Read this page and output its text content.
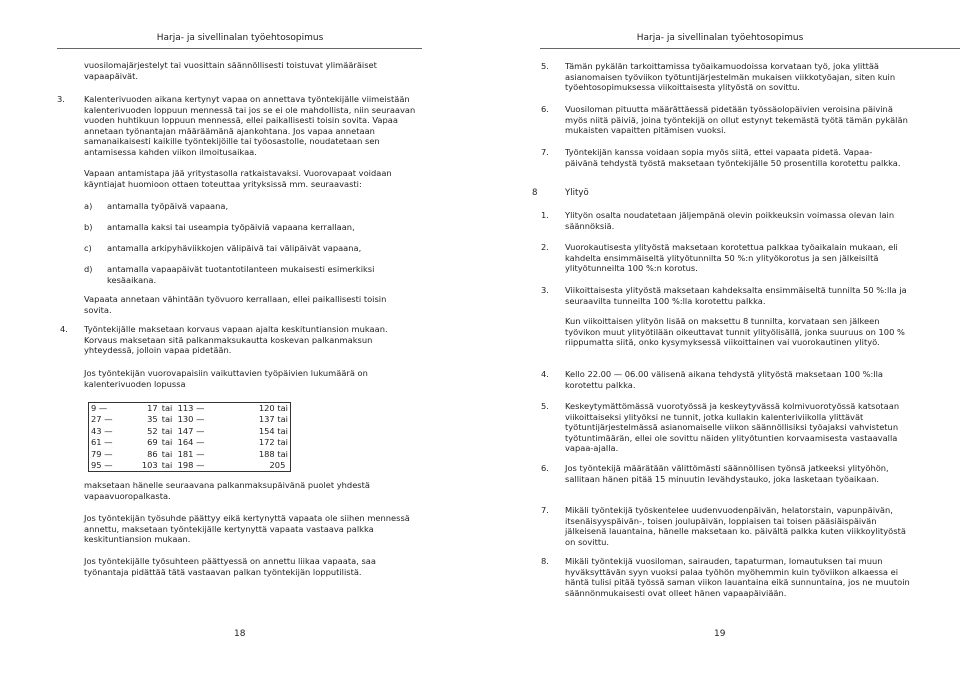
Harja- ja sivellinalan työehtosopimus

vuosilomajärjestelyt tai vuosittain säännöllisesti toistuvat ylimääräiset vapaapäivät.

3. Kalenterivuoden aikana kertynyt vapaa on annettava työntekijälle viimeistään kalenterivuoden loppuun mennessä tai jos se ei ole mahdollista, niin seuraavan vuoden huhtikuun loppuun mennessä, ellei paikallisesti toisin sovita. Vapaa annetaan työnantajan määräämänä ajankohtana. Jos vapaa annetaan samanaikaisesti kaikille työntekijöille tai työosastolle, noudatetaan sen antamisessa kahden viikon ilmoitusaikaa.

Vapaan antamistapa jää yritystasolla ratkaistavaksi. Vuorovapaat voidaan käyntiajat huomioon ottaen toteuttaa yrityksissä mm. seuraavasti:

a) antamalla työpäivä vapaana,
b) antamalla kaksi tai useampia työpäiviä vapaana kerrallaan,
c) antamalla arkipyhäviikkojen välipäivä tai välipäivät vapaana,
d) antamalla vapaapäivät tuotantotilanteen mukaisesti esimerkiksi kesäaikana.

Vapaata annetaan vähintään työvuoro kerrallaan, ellei paikallisesti toisin sovita.

4. Työntekijälle maksetaan korvaus vapaan ajalta keskituntiansion mukaan. Korvaus maksetaan sitä palkanmaksukautta koskevan palkanmaksun yhteydessä, jolloin vapaa pidetään.

Jos työntekijän vuorovapaisiin vaikuttavien työpäivien lukumäärä on kalenterivuoden lopussa

9 —	17	tai 113 —	120 tai
27 —	35	tai 130 —	137 tai
43 —	52	tai 147 —	154 tai
61 —	69	tai 164 —	172 tai
79 —	86	tai 181 —	188 tai
95 —	103	tai 198 —	205

maksetaan hänelle seuraavana palkanmaksupäivänä puolet yhdestä vapaavuoropalkasta.

Jos työntekijän työsuhde päättyy eikä kertynyttä vapaata ole siihen mennessä annettu, maksetaan työntekijälle kertynyttä vapaata vastaava palkka keskituntiansion mukaan.

Jos työntekijälle työsuhteen päättyessä on annettu liikaa vapaata, saa työnantaja pidättää tätä vastaavan palkan työntekijän lopputilistä.

18
Harja- ja sivellinalan työehtosopimus
5. Tämän pykälän tarkoittamissa työaikamuodoissa korvataan työ, joka ylittää asianomaisen työviikon työtuntijärjestelmän mukaisen viikkotyöajan, siten kuin työehtosopimuksessa viikoittaisesta ylityöstä on sovittu.

6. Vuosiloman pituutta määrättäessä pidetään työssäolopäivien veroisina päivinä myös niitä päiviä, joina työntekijä on ollut estynyt tekemästä työtä tämän pykälän mukaisten vapaitten pitämisen vuoksi.

7. Työntekijän kanssa voidaan sopia myös siitä, ettei vapaata pidetä. Vapaa-päivänä tehdystä työstä maksetaan työntekijälle 50 prosentilla korotettu palkka.

8	Ylityö
1. Ylityön osalta noudatetaan jäljempänä olevin poikkeuksin voimassa olevan lain säännöksiä.

2. Vuorokautisesta ylityöstä maksetaan korotettua palkkaa työaikalain mukaan, eli kahdelta ensimmäiseltä ylityötunnilta 50 %:n ylityökorotus ja sen jälkeisiltä ylityötunneilta 100 %:n korotus.

3. Viikoittaisesta ylityöstä maksetaan kahdeksalta ensimmäiseltä tunnilta 50 %:lla ja seuraavilta tunneilta 100 %:lla korotettu palkka.

Kun viikoittaisen ylityön lisää on maksettu 8 tunnilta, korvataan sen jälkeen työvikon muut ylityötilään oikeuttavat tunnit ylityölisällä, jonka suuruus on 100 % riippumatta siitä, onko kysymyksessä viikoittainen vai vuorokautinen ylityö.

4. Kello 22.00 — 06.00 välisenä aikana tehdystä ylityöstä maksetaan 100 %:lla korotettu palkka.

5. Keskeytymättömässä vuorotyössä ja keskeytyvässä kolmivuorotyössä katsotaan viikoittaiseksi ylityöksi ne tunnit, jotka kullakin kalenteriviikolla ylittävät työtuntijärjestelmässä asianomaiselle viikon säännöllisiksi työajaksi vahvistetun työtuntimäärän, ellei ole sovittu näiden ylityötuntien korvaamisesta vastaavalla vapaa-ajalla.

6. Jos työntekijä määrätään välittömästi säännöllisen työnsä jatkeeksi ylityöhön, sallitaan hänen pitää 15 minuutin levähdystauko, joka lasketaan työaikaan.

7. Mikäli työntekijä työskentelee uudenvuodenpäivän, helatorstain, vapunpäivän, itsenäisyyspäivän-, toisen joulupäivän, loppiaisen tai toisen pääsiäispäivän jälkeisenä lauantaina, hänelle maksetaan ko. päivältä palkka kuten viikkoylityöstä on sovittu.

8. Mikäli työntekijä vuosiloman, sairauden, tapaturman, lomautuksen tai muun hyväksyttävän syyn vuoksi palaa työhön myöhemmin kuin työviikon alkaessa ei häntä tulisi pitää työssä saman viikon lauantaina eikä sunnuntaina, jos ne muutoin säännönmukaisesti ovat olleet hänen vapaapäiviään.

19
